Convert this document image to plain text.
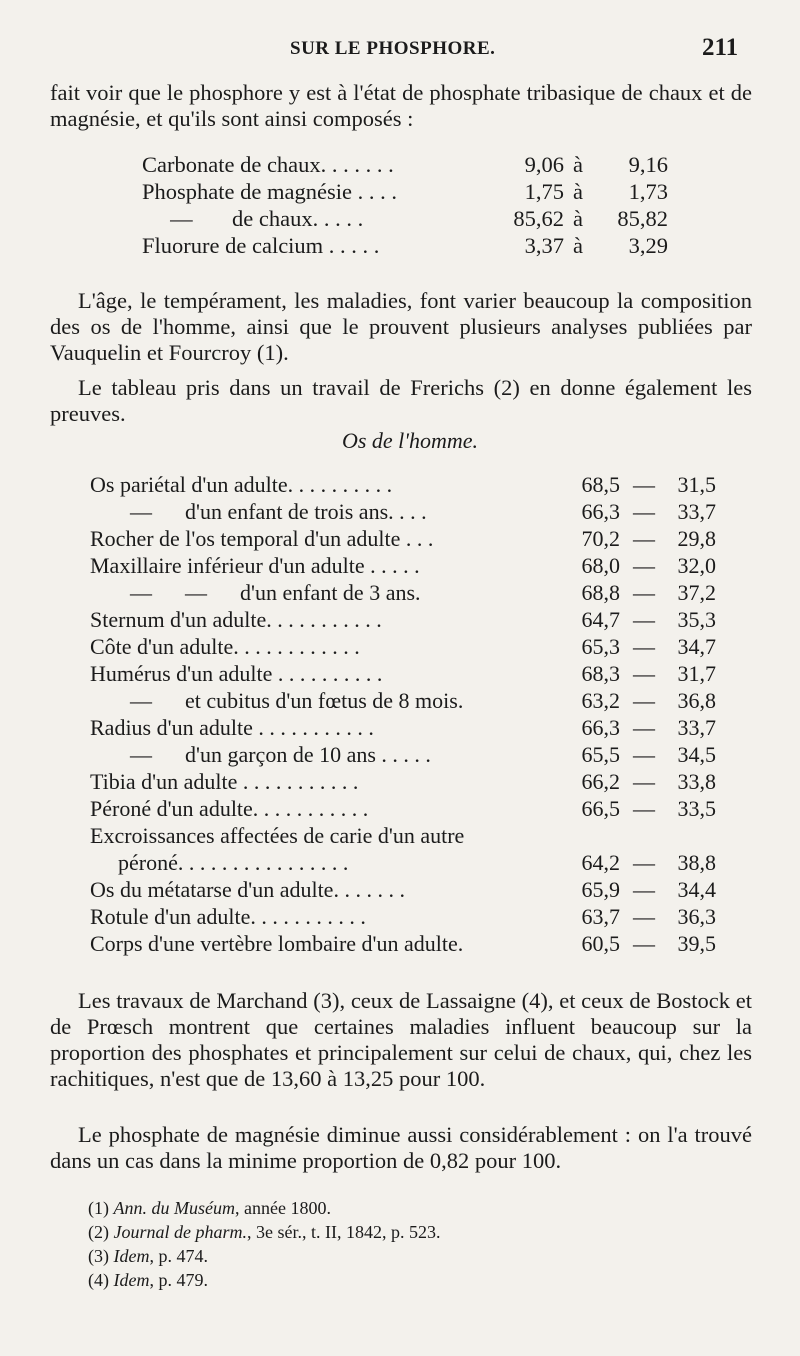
SUR LE PHOSPHORE.	211
fait voir que le phosphore y est à l'état de phosphate tribasique de chaux et de magnésie, et qu'ils sont ainsi composés :
Carbonate de chaux. . . . . . .	9,06 à	9,16
Phosphate de magnésie . . . .	1,75 à	1,73
—       de chaux. . . . .	85,62 à	85,82
Fluorure de calcium . . . . .	3,37 à	3,29
L'âge, le tempérament, les maladies, font varier beaucoup la composition des os de l'homme, ainsi que le prouvent plusieurs analyses publiées par Vauquelin et Fourcroy (1).
Le tableau pris dans un travail de Frerichs (2) en donne également les preuves.
Os de l'homme.
Os pariétal d'un adulte. . . . . . . . . .	68,5 —	31,5
—      d'un enfant de trois ans. . . .	66,3 —	33,7
Rocher de l'os temporal d'un adulte . . .	70,2 —	29,8
Maxillaire inférieur d'un adulte . . . . .	68,0 —	32,0
—      —      d'un enfant de 3 ans.	68,8 —	37,2
Sternum d'un adulte. . . . . . . . . . .	64,7 —	35,3
Côte d'un adulte. . . . . . . . . . . .	65,3 —	34,7
Humérus d'un adulte . . . . . . . . . .	68,3 —	31,7
—      et cubitus d'un fœtus de 8 mois.	63,2 —	36,8
Radius d'un adulte . . . . . . . . . . .	66,3 —	33,7
—      d'un garçon de 10 ans . . . . .	65,5 —	34,5
Tibia d'un adulte . . . . . . . . . . .	66,2 —	33,8
Péroné d'un adulte. . . . . . . . . . .	66,5 —	33,5
Excroissances affectées de carie d'un autre
péroné. . . . . . . . . . . . . . . .	64,2 —	38,8
Os du métatarse d'un adulte. . . . . . .	65,9 —	34,4
Rotule d'un adulte. . . . . . . . . . .	63,7 —	36,3
Corps d'une vertèbre lombaire d'un adulte.	60,5 —	39,5
Les travaux de Marchand (3), ceux de Lassaigne (4), et ceux de Bostock et de Prœsch montrent que certaines maladies influent beaucoup sur la proportion des phosphates et principalement sur celui de chaux, qui, chez les rachitiques, n'est que de 13,60 à 13,25 pour 100.
Le phosphate de magnésie diminue aussi considérablement : on l'a trouvé dans un cas dans la minime proportion de 0,82 pour 100.
(1) Ann. du Muséum, année 1800.
(2) Journal de pharm., 3e sér., t. II, 1842, p. 523.
(3) Idem, p. 474.
(4) Idem, p. 479.
